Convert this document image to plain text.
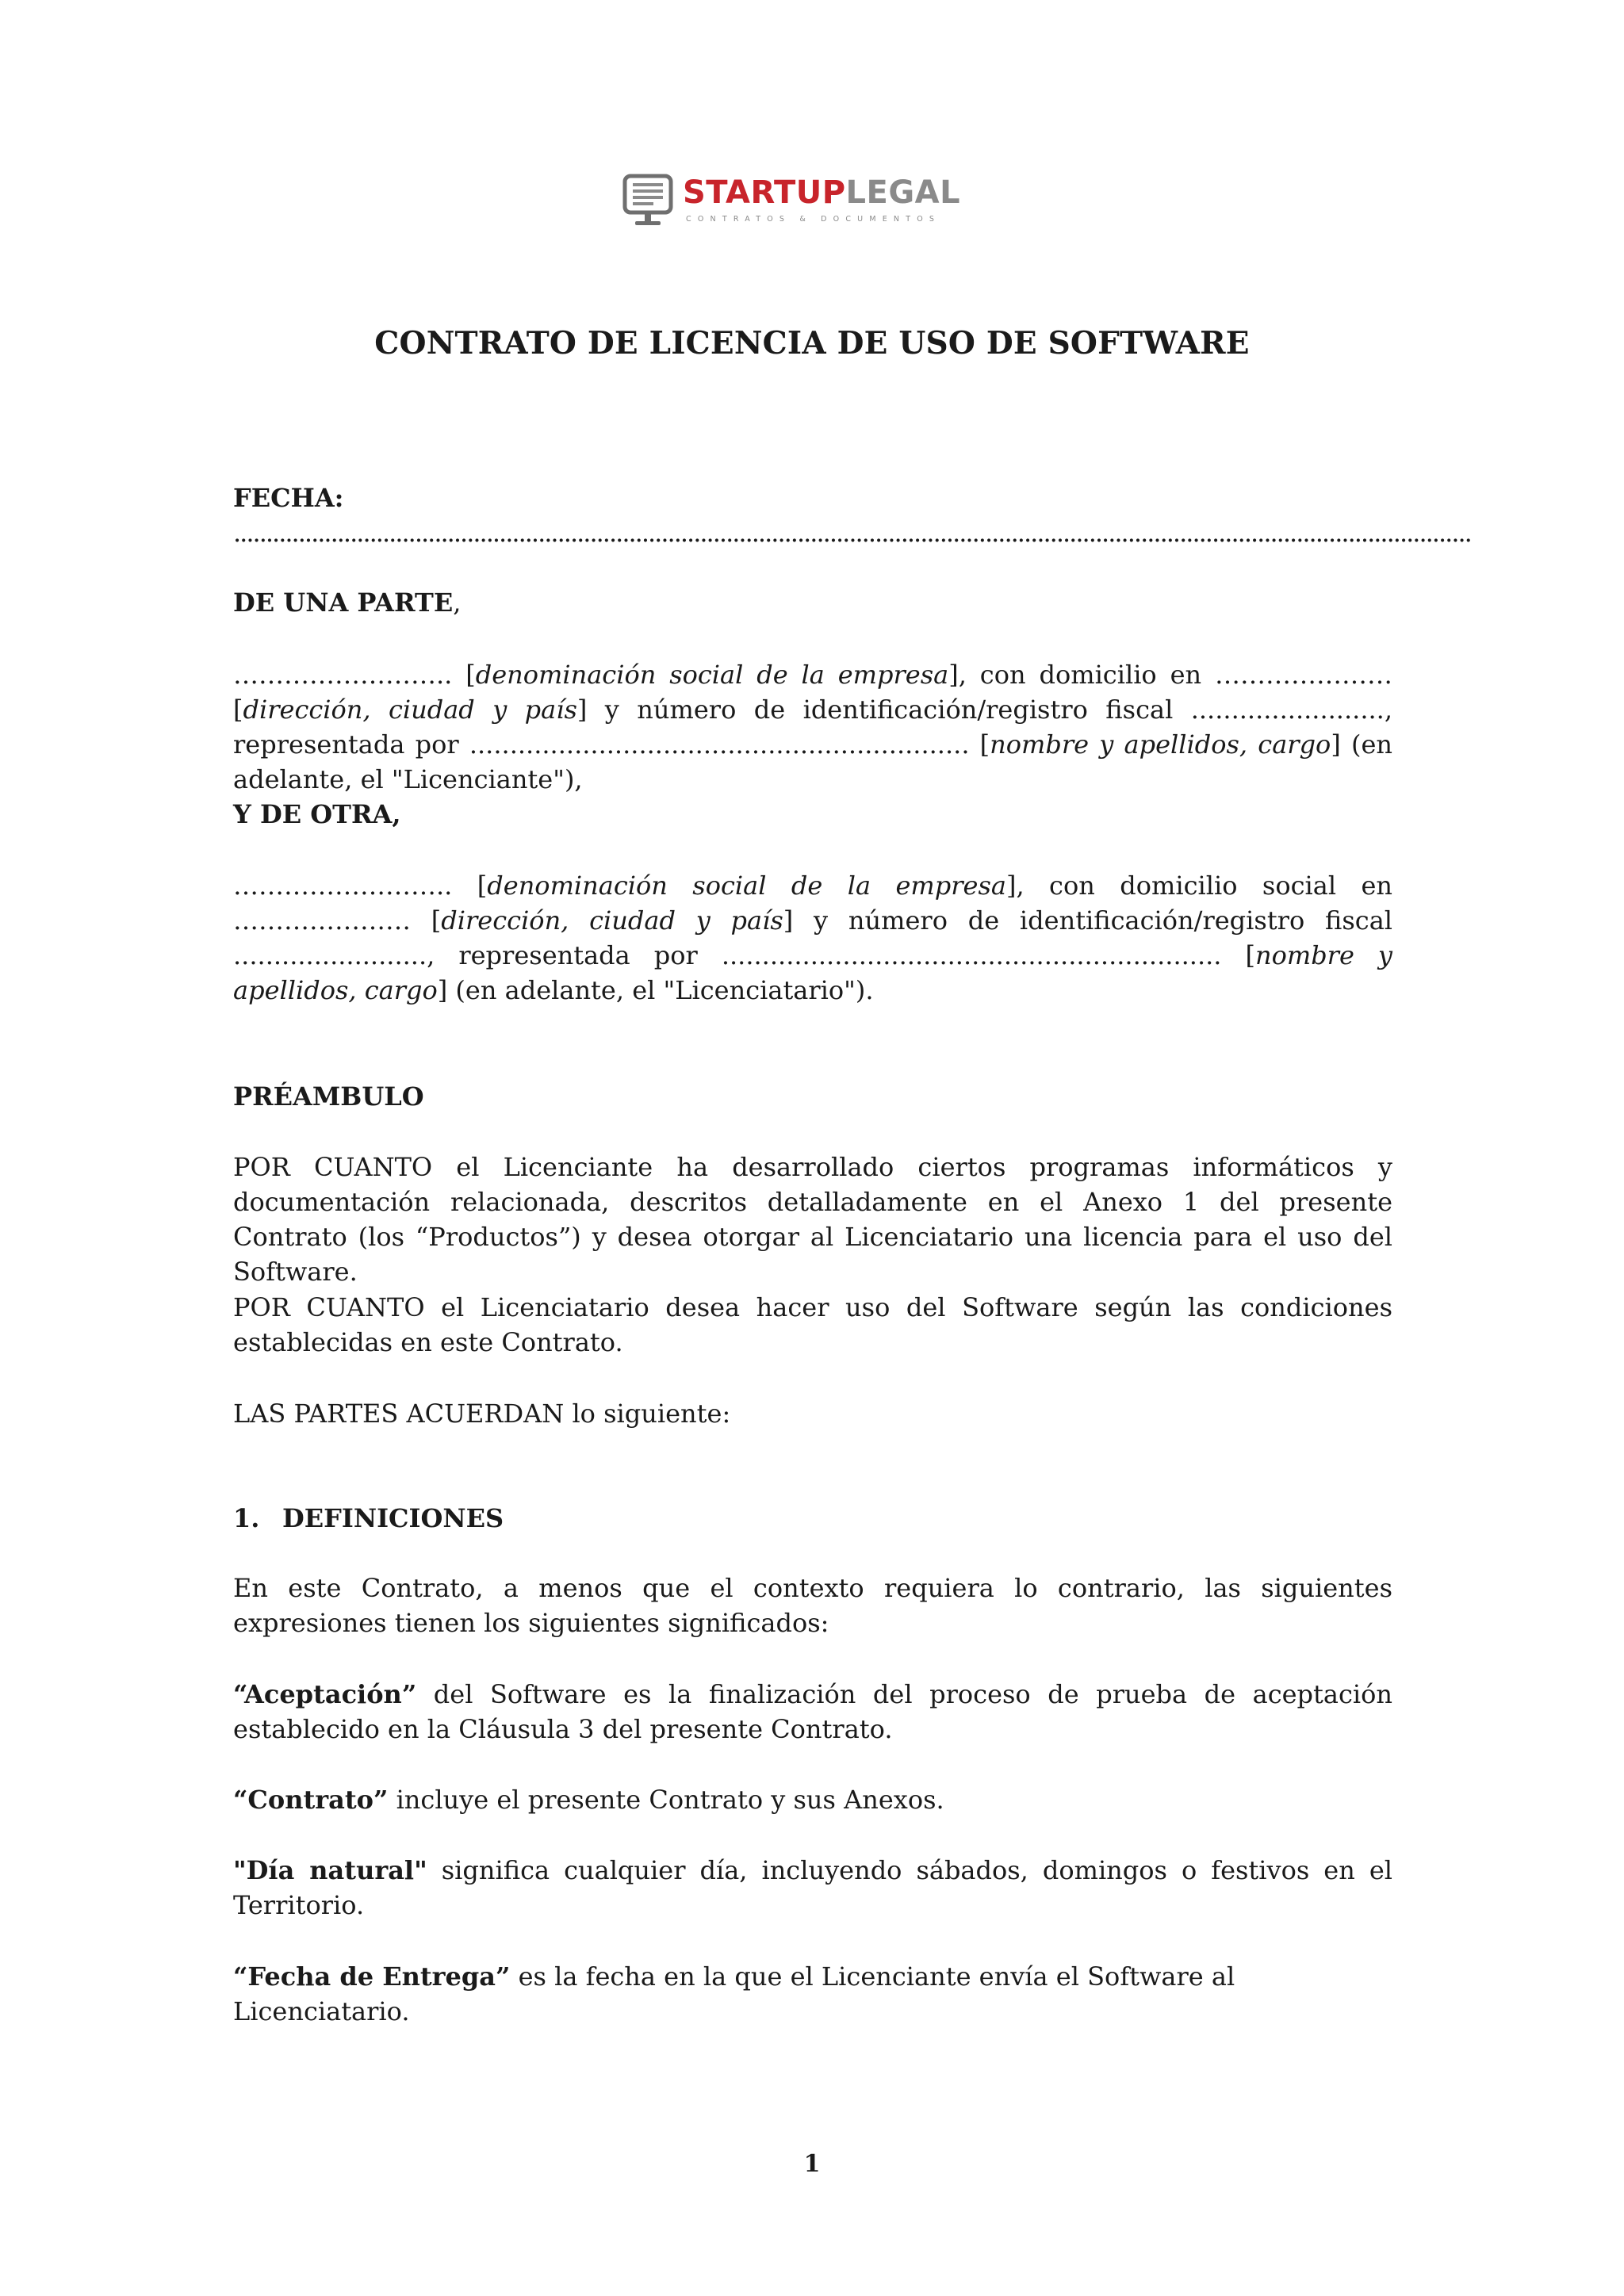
STARTUPLEGAL
CONTRATOS & DOCUMENTOS
CONTRATO DE LICENCIA DE USO DE SOFTWARE
FECHA: ...............................................................................................................................................................................................
DE UNA PARTE,
…………………….. [denominación social de la empresa], con domicilio en ………………… [dirección, ciudad y país] y número de identificación/registro fiscal ........................, representada por .............................................................. [nombre y apellidos, cargo] (en adelante, el "Licenciante"),
Y DE OTRA,
…………………….. [denominación social de la empresa], con domicilio social en ………………… [dirección, ciudad y país] y número de identificación/registro fiscal ........................, representada por .............................................................. [nombre y apellidos, cargo] (en adelante, el "Licenciatario").
PRÉAMBULO
POR CUANTO el Licenciante ha desarrollado ciertos programas informáticos y documentación relacionada, descritos detalladamente en el Anexo 1 del presente Contrato (los “Productos”) y desea otorgar al Licenciatario una licencia para el uso del Software.
POR CUANTO el Licenciatario desea hacer uso del Software según las condiciones establecidas en este Contrato.
LAS PARTES ACUERDAN lo siguiente:
1. DEFINICIONES
En este Contrato, a menos que el contexto requiera lo contrario, las siguientes expresiones tienen los siguientes significados:
“Aceptación” del Software es la finalización del proceso de prueba de aceptación establecido en la Cláusula 3 del presente Contrato.
“Contrato” incluye el presente Contrato y sus Anexos.
"Día natural" significa cualquier día, incluyendo sábados, domingos o festivos en el Territorio.
“Fecha de Entrega” es la fecha en la que el Licenciante envía el Software al Licenciatario.
1
